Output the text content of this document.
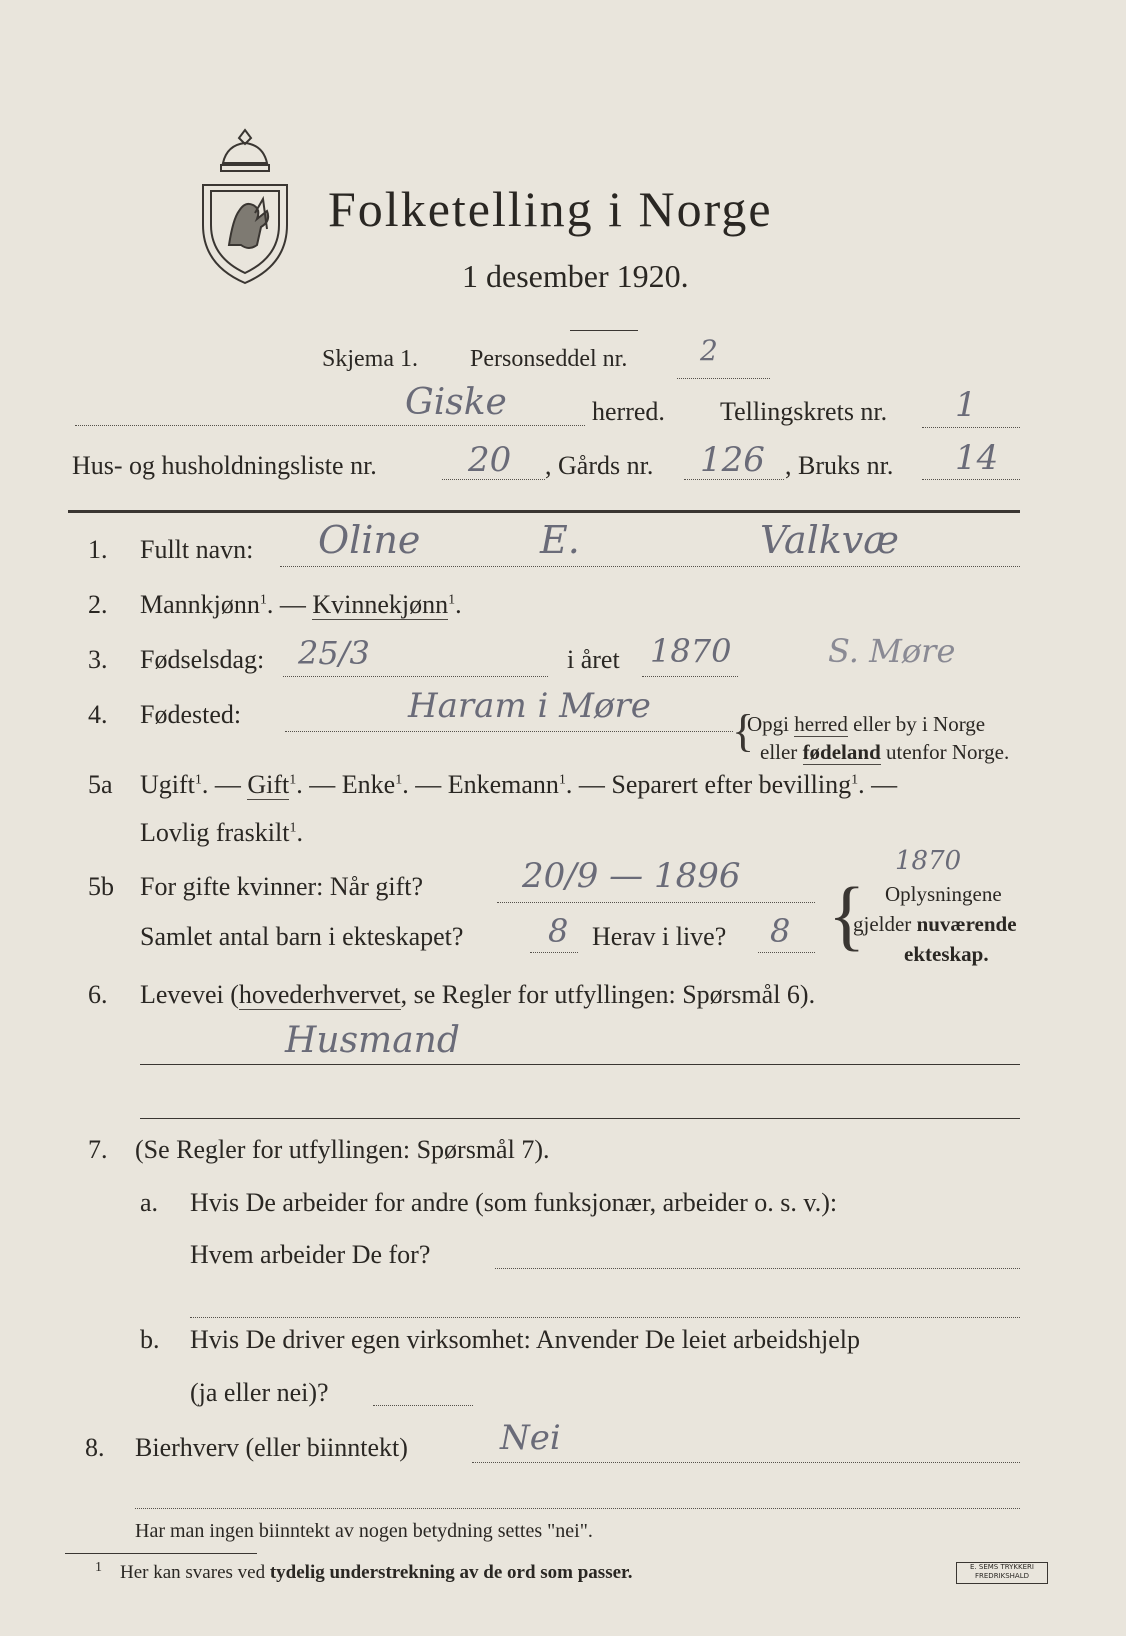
Folketelling i Norge
1 desember 1920.
Skjema 1. Personseddel nr.	2
Giske	herred. Tellingskrets nr. 1
Hus- og husholdningsliste nr.	20 , Gårds nr. 126 , Bruks nr. 14
1. Fullt navn: Oline	E.	Valkvæ
2. Mannkjønn$^1$. — Kvinnekjønn$^1$.
3. Fødselsdag: 25/3	i året 1870	S. Møre
4. Fødested:	Haram i Møre {
Opgi herred eller by i Norge
eller fødeland utenfor Norge.
5a Ugift$^1$. — Gift$^1$. — Enke$^1$. — Enkemann$^1$. — Separert efter bevilling$^1$. —
Lovlig fraskilt$^1$.
5b For gifte kvinner: Når gift?	20/9 — 1896	1870
Samlet antal barn i ekteskapet?	8 Herav i live? 8 { Oplysningene
gjelder nuværende
ekteskap.
6. Levevei (hovederhvervet, se Regler for utfyllingen: Spørsmål 6).
Husmand
7. (Se Regler for utfyllingen: Spørsmål 7).
a. Hvis De arbeider for andre (som funksjonær, arbeider o. s. v.):
Hvem arbeider De for?
b. Hvis De driver egen virksomhet: Anvender De leiet arbeidshjelp
(ja eller nei)?
8. Bierhverv (eller biinntekt)	Nei
Har man ingen biinntekt av nogen betydning settes "nei".
1 Her kan svares ved tydelig understrekning av de ord som passer.	E. SEMS TRYKKERI
FREDRIKSHALD
